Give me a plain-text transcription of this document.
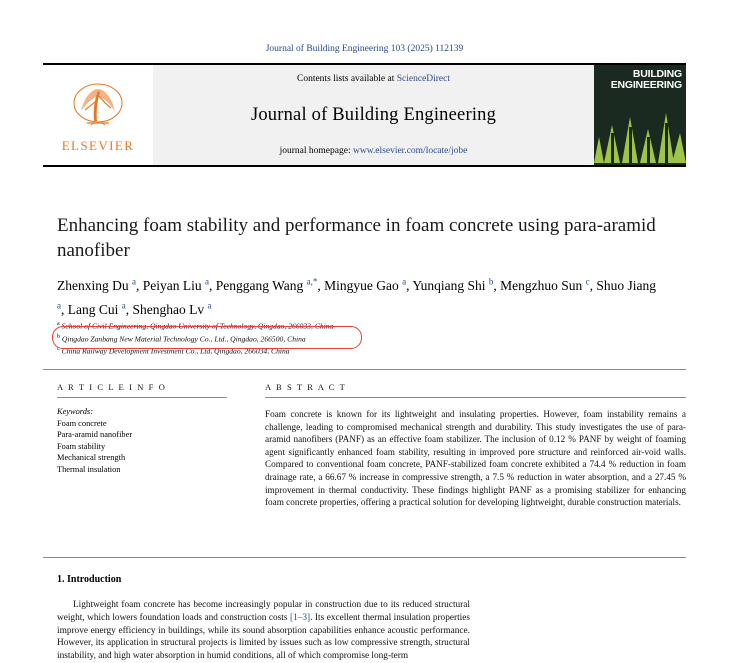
Journal of Building Engineering 103 (2025) 112139
ELSEVIER
Contents lists available at ScienceDirect
Journal of Building Engineering
journal homepage: www.elsevier.com/locate/jobe
BUILDING
ENGINEERING
Enhancing foam stability and performance in foam concrete using para-aramid nanofiber
Zhenxing Du $^a$, Peiyan Liu $^a$, Penggang Wang $^{a,*}$, Mingyue Gao $^a$, Yunqiang Shi $^b$, Mengzhuo Sun $^c$, Shuo Jiang $^a$, Lang Cui $^a$, Shenghao Lv $^a$
$^a$ School of Civil Engineering, Qingdao University of Technology, Qingdao, 266033, China
$^b$ Qingdao Zanbang New Material Technology Co., Ltd., Qingdao, 266500, China
$^c$ China Railway Development Investment Co., Ltd, Qingdao, 266034, China
A R T I C L E I N F O
Keywords:
Foam concrete
Para-aramid nanofiber
Foam stability
Mechanical strength
Thermal insulation
A B S T R A C T
Foam concrete is known for its lightweight and insulating properties. However, foam instability remains a challenge, leading to compromised mechanical strength and durability. This study investigates the use of para-aramid nanofibers (PANF) as an effective foam stabilizer. The inclusion of 0.12 % PANF by weight of foaming agent significantly enhanced foam stability, resulting in improved pore structure and reinforced air-void walls. Compared to conventional foam concrete, PANF-stabilized foam concrete exhibited a 74.4 % reduction in foam drainage rate, a 66.67 % increase in compressive strength, a 7.5 % reduction in water absorption, and a 27.45 % improvement in thermal conductivity. These findings highlight PANF as a promising stabilizer for enhancing foam concrete properties, offering a practical solution for developing lightweight, durable construction materials.
1. Introduction

Lightweight foam concrete has become increasingly popular in construction due to its reduced structural weight, which lowers foundation loads and construction costs [1–3]. Its excellent thermal insulation properties improve energy efficiency in buildings, while its sound absorption capabilities enhance acoustic performance. However, its application in structural projects is limited by issues such as low compressive strength, structural instability, and high water absorption in humid conditions, all of which compromise long-term
